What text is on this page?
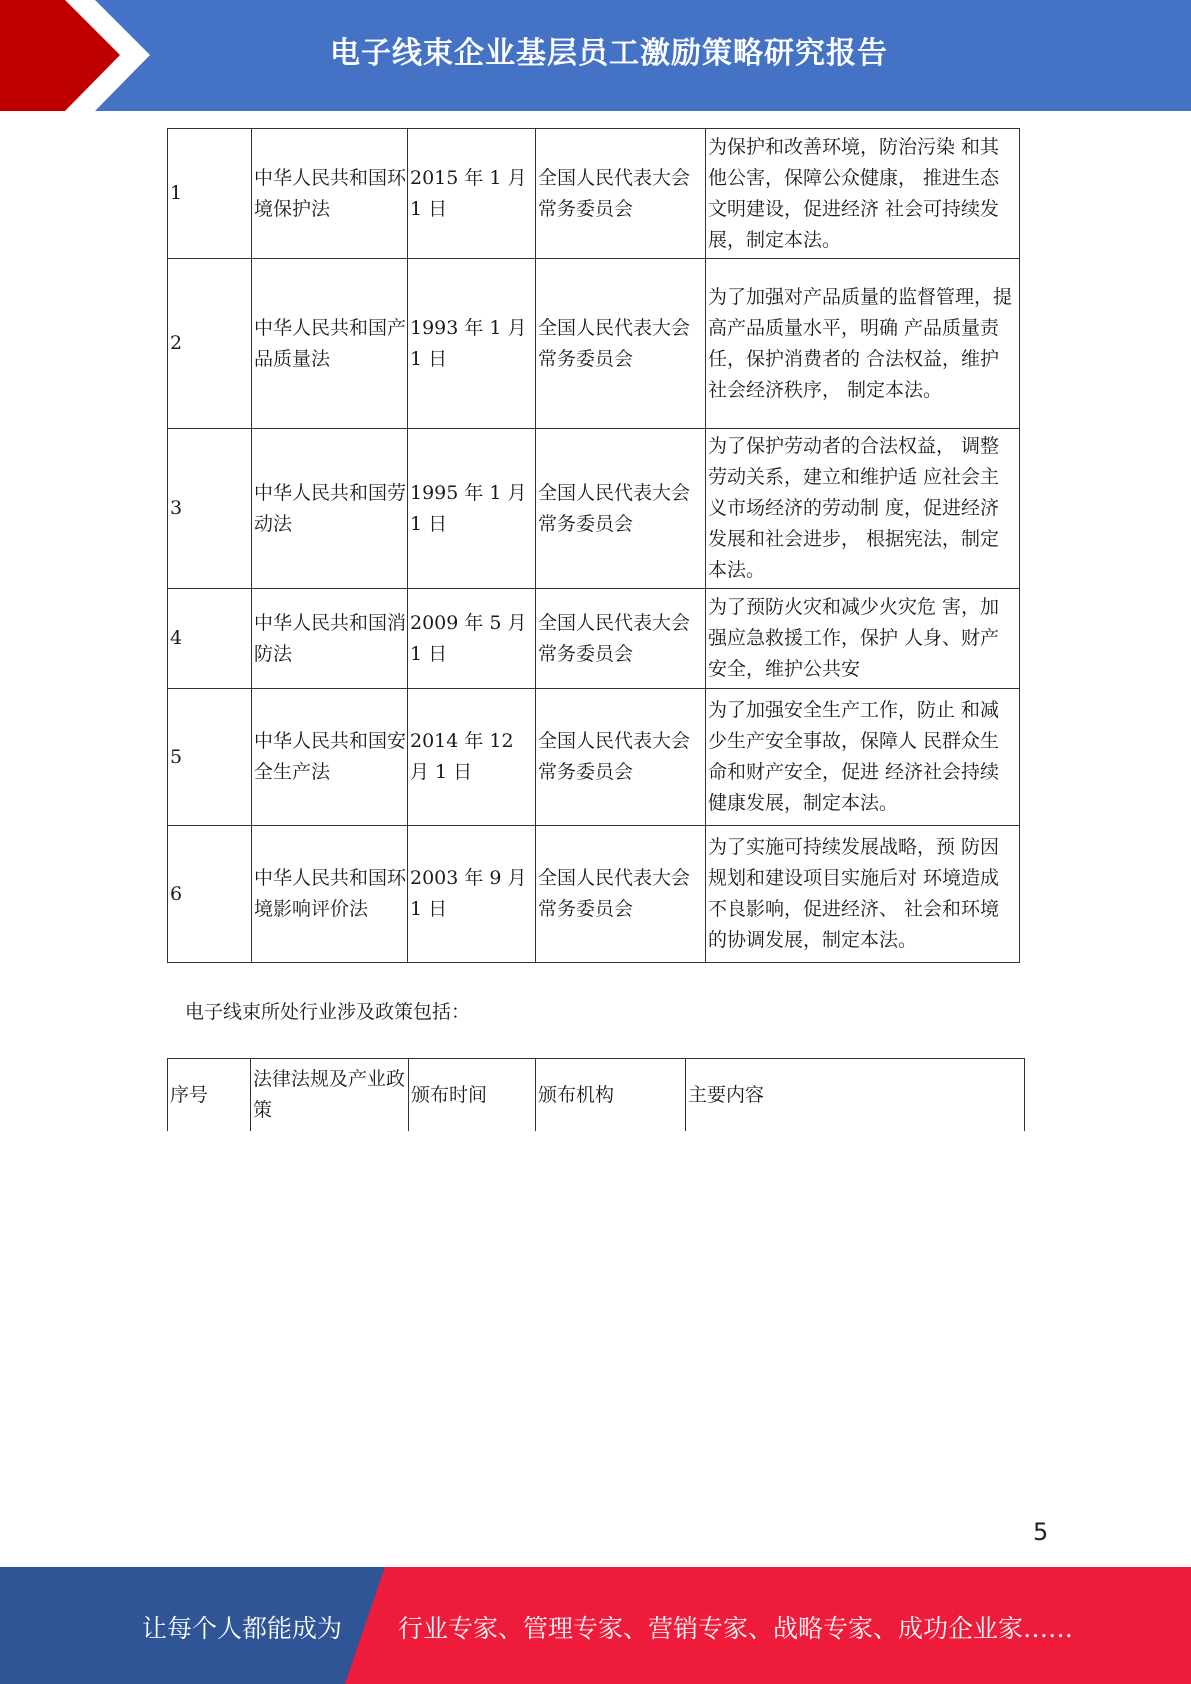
电子线束企业基层员工激励策略研究报告
1	中华人民共和国环境保护法	2015 年 1 月 1 日	全国人民代表大会常务委员会	为保护和改善环境，防治污染 和其他公害，保障公众健康， 推进生态文明建设，促进经济 社会可持续发展，制定本法。
2	中华人民共和国产品质量法	1993 年 1 月 1 日	全国人民代表大会常务委员会	为了加强对产品质量的监督管理，提高产品质量水平，明确 产品质量责任，保护消费者的 合法权益，维护社会经济秩序， 制定本法。
3	中华人民共和国劳动法	1995 年 1 月 1 日	全国人民代表大会常务委员会	为了保护劳动者的合法权益， 调整劳动关系，建立和维护适 应社会主义市场经济的劳动制 度，促进经济发展和社会进步， 根据宪法，制定本法。
4	中华人民共和国消防法	2009 年 5 月 1 日	全国人民代表大会常务委员会	为了预防火灾和减少火灾危 害，加强应急救援工作，保护 人身、财产安全，维护公共安
5	中华人民共和国安全生产法	2014 年 12 月 1 日	全国人民代表大会常务委员会	为了加强安全生产工作，防止 和减少生产安全事故，保障人 民群众生命和财产安全，促进 经济社会持续健康发展，制定本法。
6	中华人民共和国环境影响评价法	2003 年 9 月 1 日	全国人民代表大会常务委员会	为了实施可持续发展战略，预 防因规划和建设项目实施后对 环境造成不良影响，促进经济、 社会和环境的协调发展，制定本法。
电子线束所处行业涉及政策包括：
序号	法律法规及产业政策	颁布时间	颁布机构	主要内容
5
让每个人都能成为 行业专家、管理专家、营销专家、战略专家、成功企业家……
